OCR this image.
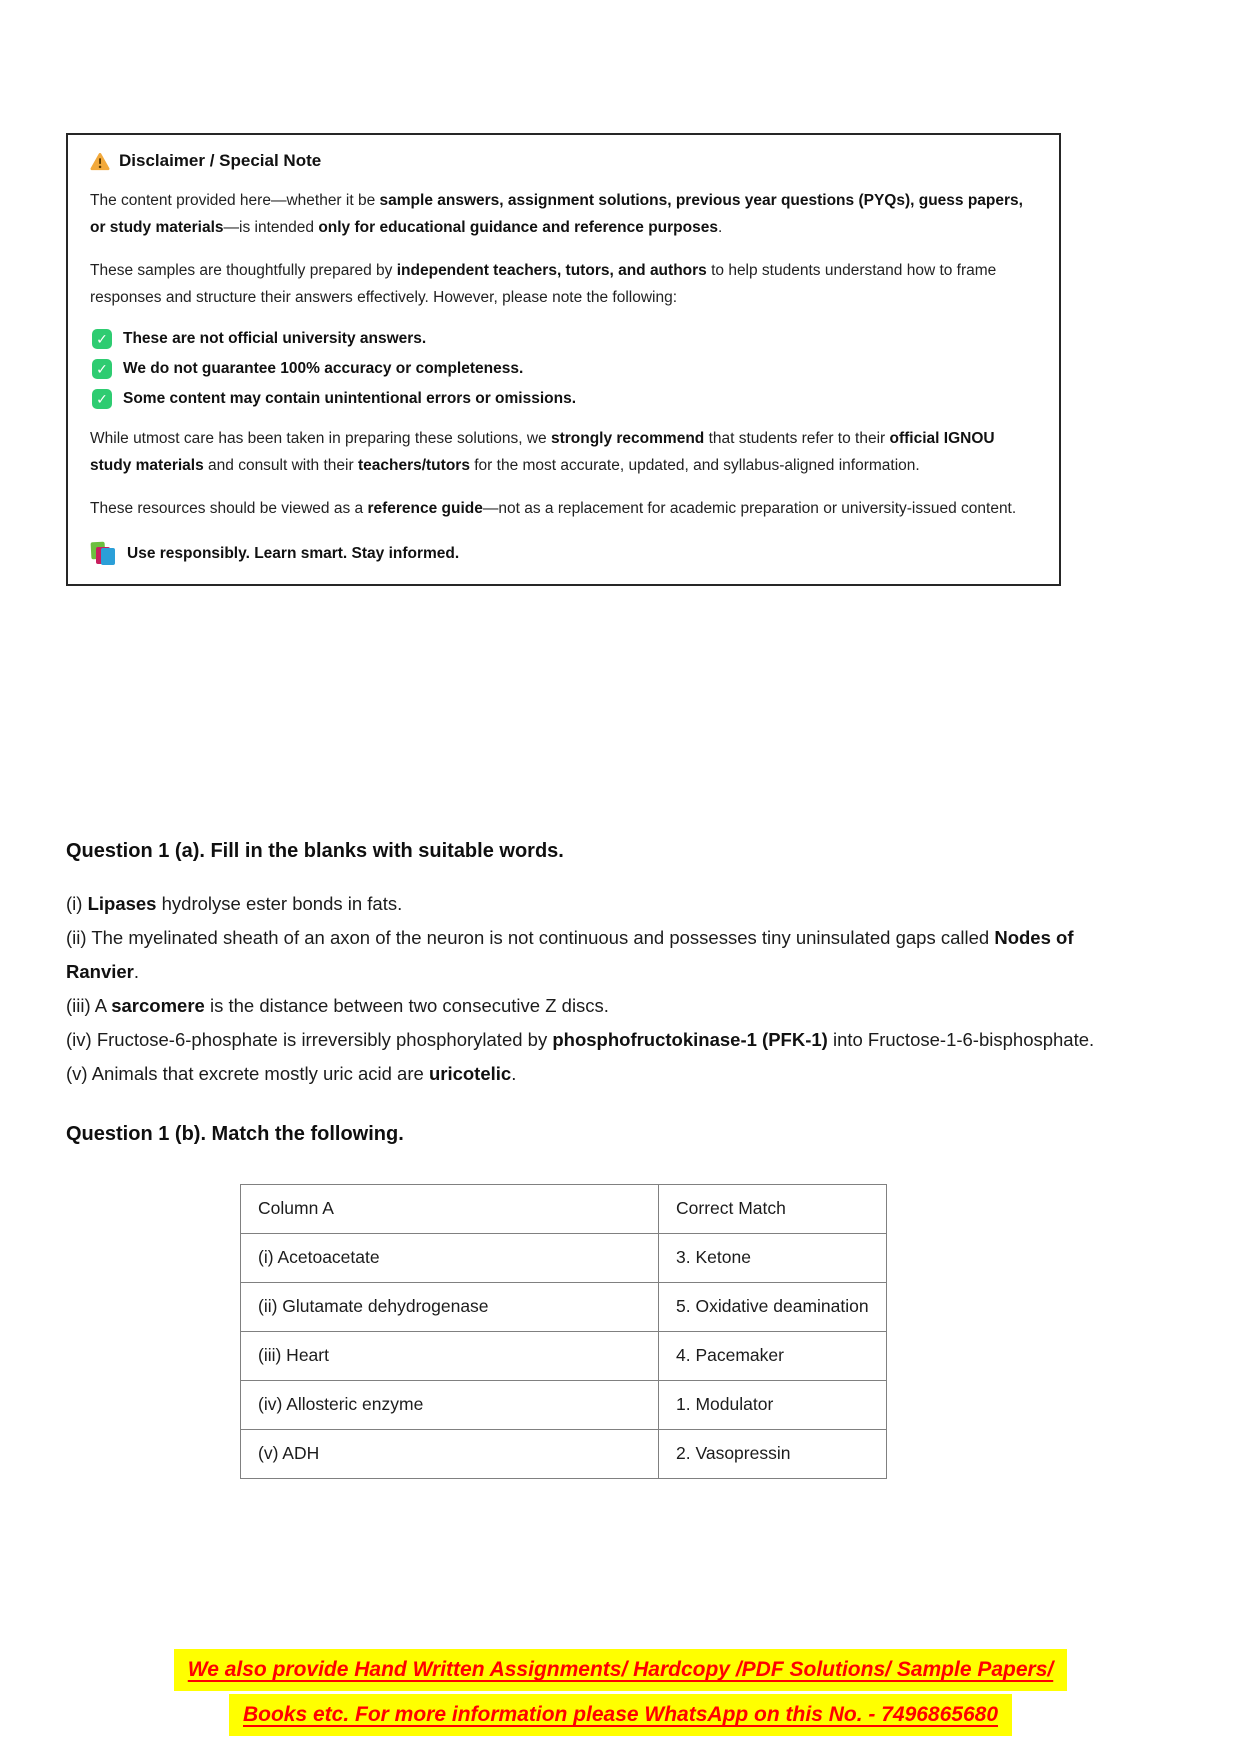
Disclaimer / Special Note

The content provided here—whether it be sample answers, assignment solutions, previous year questions (PYQs), guess papers, or study materials—is intended only for educational guidance and reference purposes.

These samples are thoughtfully prepared by independent teachers, tutors, and authors to help students understand how to frame responses and structure their answers effectively. However, please note the following:

✓ These are not official university answers.
✓ We do not guarantee 100% accuracy or completeness.
✓ Some content may contain unintentional errors or omissions.

While utmost care has been taken in preparing these solutions, we strongly recommend that students refer to their official IGNOU study materials and consult with their teachers/tutors for the most accurate, updated, and syllabus-aligned information.

These resources should be viewed as a reference guide—not as a replacement for academic preparation or university-issued content.

Use responsibly. Learn smart. Stay informed.
Question 1 (a). Fill in the blanks with suitable words.
(i) Lipases hydrolyse ester bonds in fats.
(ii) The myelinated sheath of an axon of the neuron is not continuous and possesses tiny uninsulated gaps called Nodes of Ranvier.
(iii) A sarcomere is the distance between two consecutive Z discs.
(iv) Fructose-6-phosphate is irreversibly phosphorylated by phosphofructokinase-1 (PFK-1) into Fructose-1-6-bisphosphate.
(v) Animals that excrete mostly uric acid are uricotelic.
Question 1 (b). Match the following.
Column A	Correct Match
(i) Acetoacetate	3. Ketone
(ii) Glutamate dehydrogenase	5. Oxidative deamination
(iii) Heart	4. Pacemaker
(iv) Allosteric enzyme	1. Modulator
(v) ADH	2. Vasopressin
We also provide Hand Written Assignments/ Hardcopy /PDF Solutions/ Sample Papers/
Books etc. For more information please WhatsApp on this No. - 7496865680
